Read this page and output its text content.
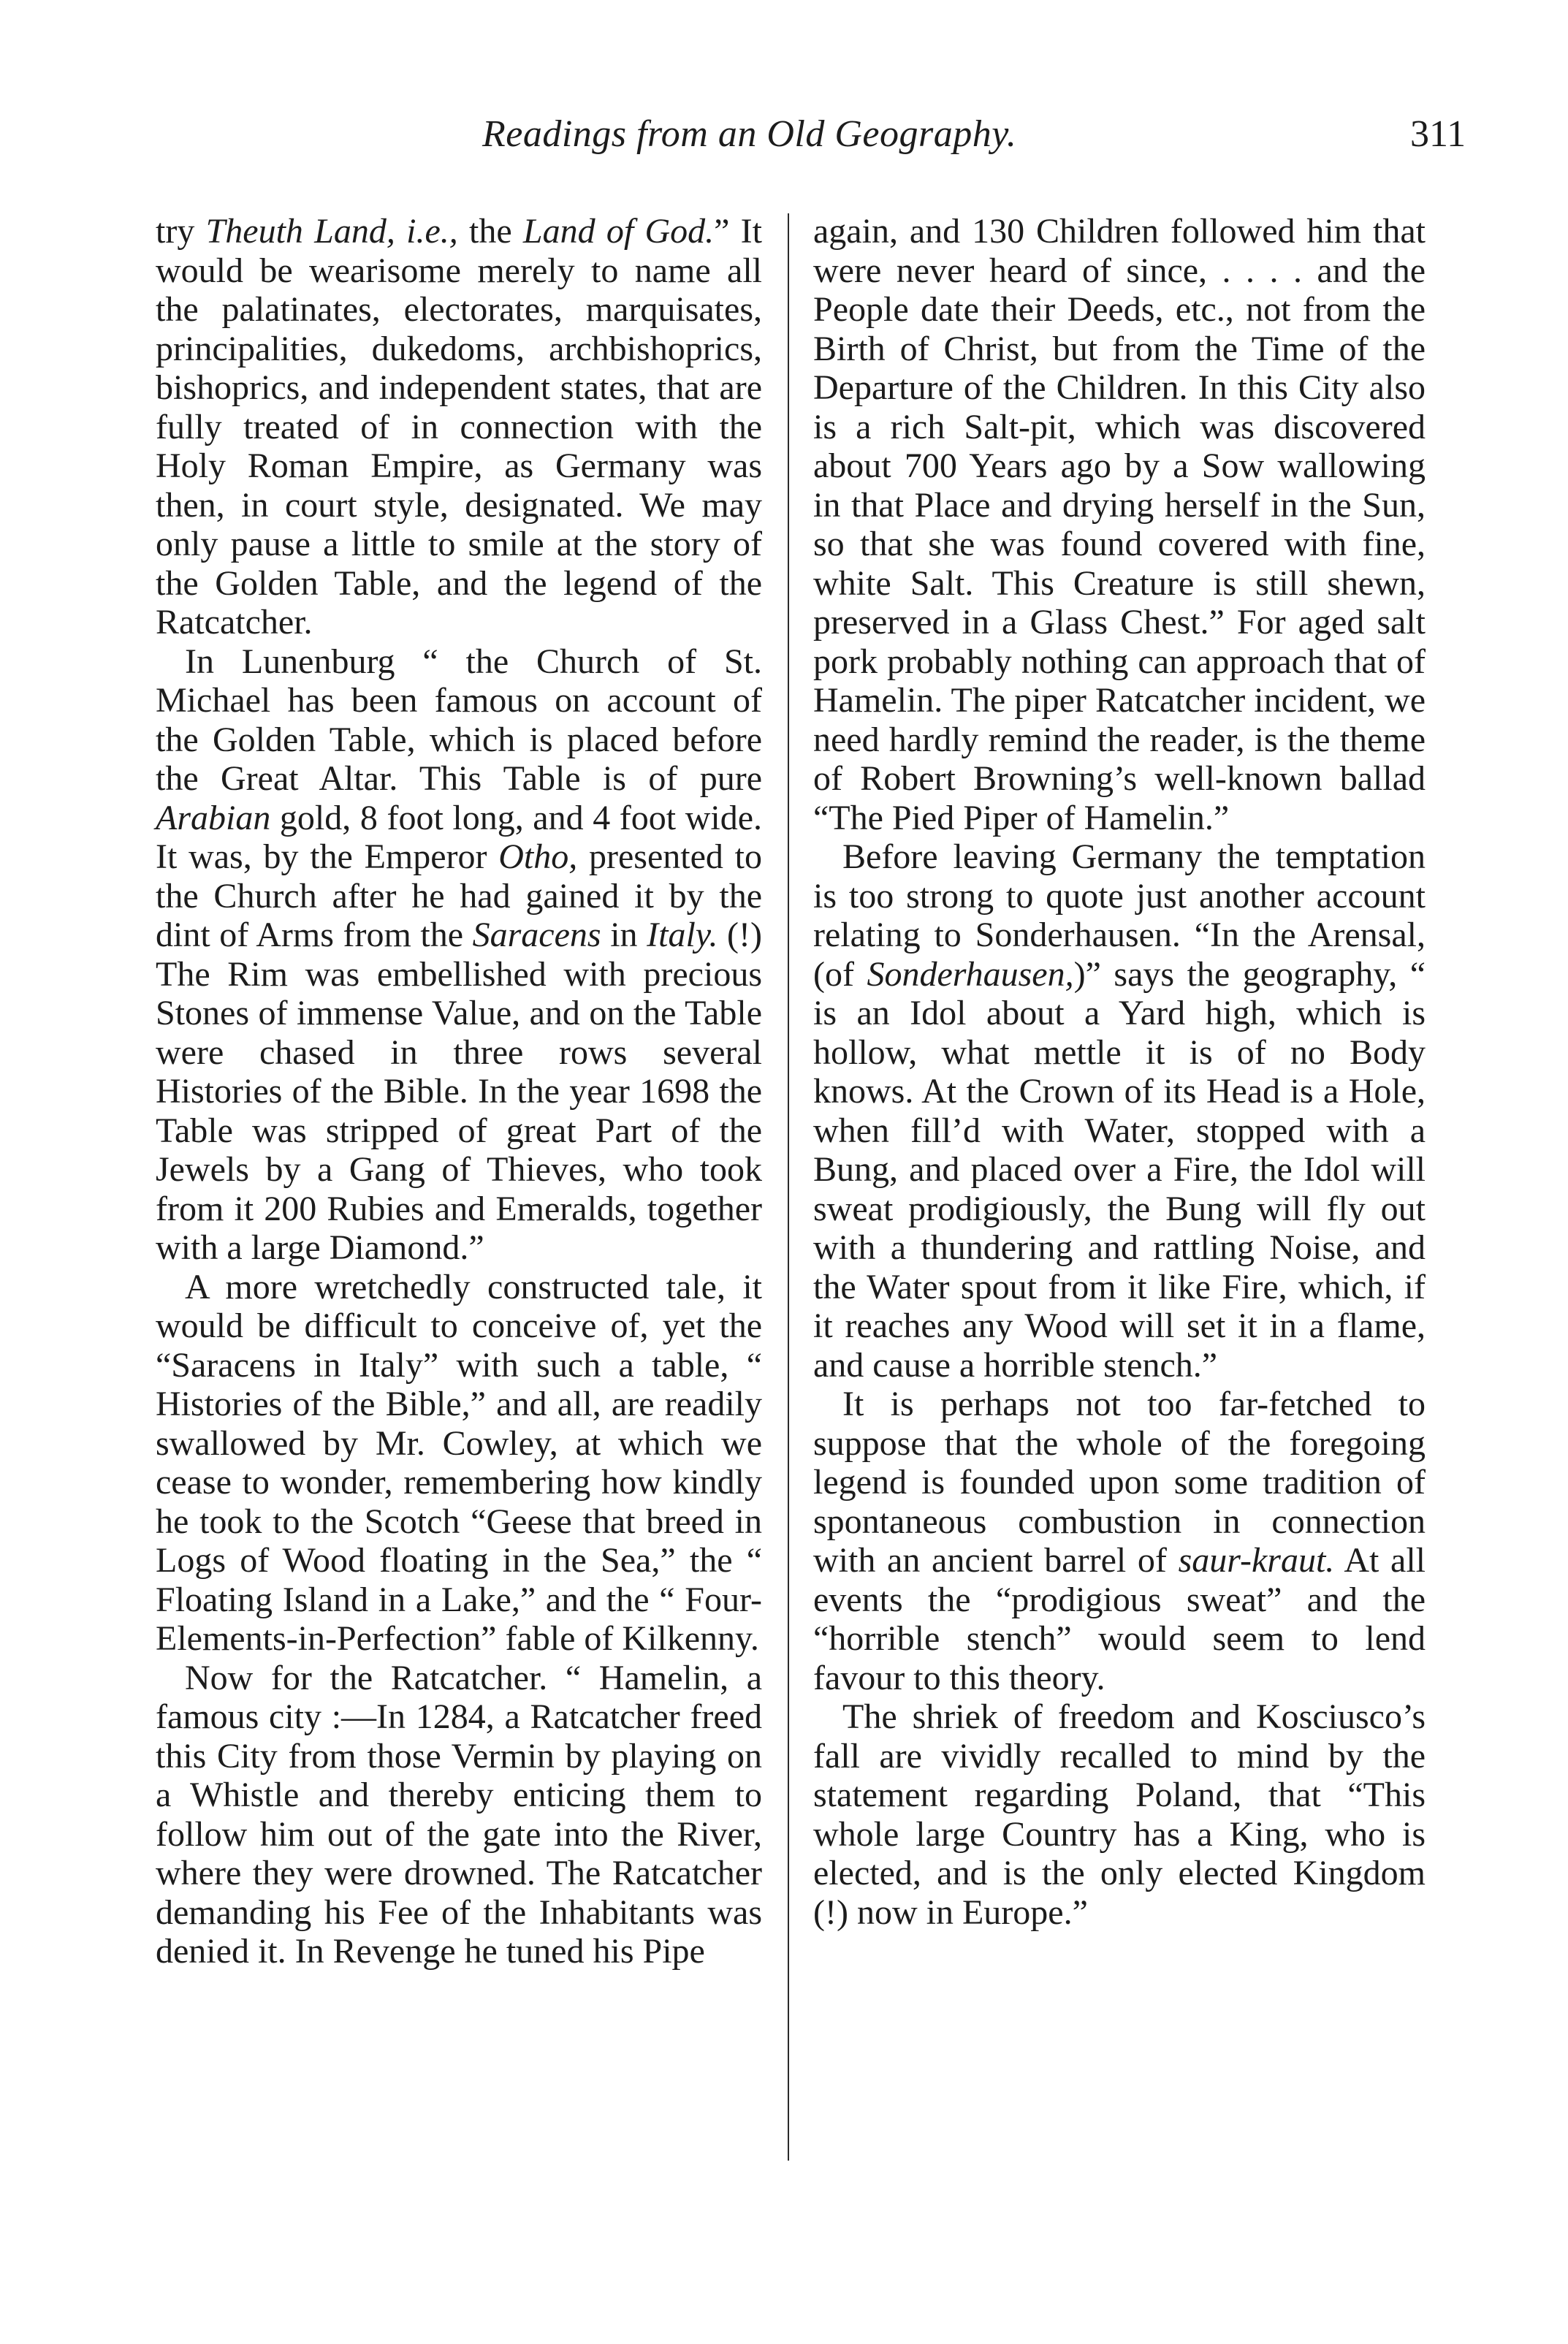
Readings from an Old Geography.	311

try Theuth Land, i.e., the Land of God.” It would be wearisome merely to name all the palatinates, electorates, marquisates, principalities, dukedoms, archbishoprics, bishoprics, and independent states, that are fully treated of in connection with the Holy Roman Empire, as Germany was then, in court style, designated. We may only pause a little to smile at the story of the Golden Table, and the legend of the Ratcatcher.

In Lunenburg “ the Church of St. Michael has been famous on account of the Golden Table, which is placed before the Great Altar. This Table is of pure Arabian gold, 8 foot long, and 4 foot wide. It was, by the Emperor Otho, presented to the Church after he had gained it by the dint of Arms from the Saracens in Italy. (!) The Rim was embellished with precious Stones of immense Value, and on the Table were chased in three rows several Histories of the Bible. In the year 1698 the Table was stripped of great Part of the Jewels by a Gang of Thieves, who took from it 200 Rubies and Emeralds, together with a large Diamond.”

A more wretchedly constructed tale, it would be difficult to conceive of, yet the “Saracens in Italy” with such a table, “ Histories of the Bible,” and all, are readily swallowed by Mr. Cowley, at which we cease to wonder, remembering how kindly he took to the Scotch “Geese that breed in Logs of Wood floating in the Sea,” the “ Floating Island in a Lake,” and the “ Four-Elements-in-Perfection” fable of Kilkenny.

Now for the Ratcatcher. “ Hamelin, a famous city :—In 1284, a Ratcatcher freed this City from those Vermin by playing on a Whistle and thereby enticing them to follow him out of the gate into the River, where they were drowned. The Ratcatcher demanding his Fee of the Inhabitants was denied it. In Revenge he tuned his Pipe

again, and 130 Children followed him that were never heard of since, . . . . and the People date their Deeds, etc., not from the Birth of Christ, but from the Time of the Departure of the Children. In this City also is a rich Salt-pit, which was discovered about 700 Years ago by a Sow wallowing in that Place and drying herself in the Sun, so that she was found covered with fine, white Salt. This Creature is still shewn, preserved in a Glass Chest.” For aged salt pork probably nothing can approach that of Hamelin. The piper Ratcatcher incident, we need hardly remind the reader, is the theme of Robert Browning’s well-known ballad “The Pied Piper of Hamelin.”

Before leaving Germany the temptation is too strong to quote just another account relating to Sonderhausen. “In the Arensal, (of Sonderhausen,)” says the geography, “ is an Idol about a Yard high, which is hollow, what mettle it is of no Body knows. At the Crown of its Head is a Hole, when fill’d with Water, stopped with a Bung, and placed over a Fire, the Idol will sweat prodigiously, the Bung will fly out with a thundering and rattling Noise, and the Water spout from it like Fire, which, if it reaches any Wood will set it in a flame, and cause a horrible stench.”

It is perhaps not too far-fetched to suppose that the whole of the foregoing legend is founded upon some tradition of spontaneous combustion in connection with an ancient barrel of saur-kraut. At all events the “prodigious sweat” and the “horrible stench” would seem to lend favour to this theory.

The shriek of freedom and Kosciusco’s fall are vividly recalled to mind by the statement regarding Poland, that “This whole large Country has a King, who is elected, and is the only elected Kingdom (!) now in Europe.”
